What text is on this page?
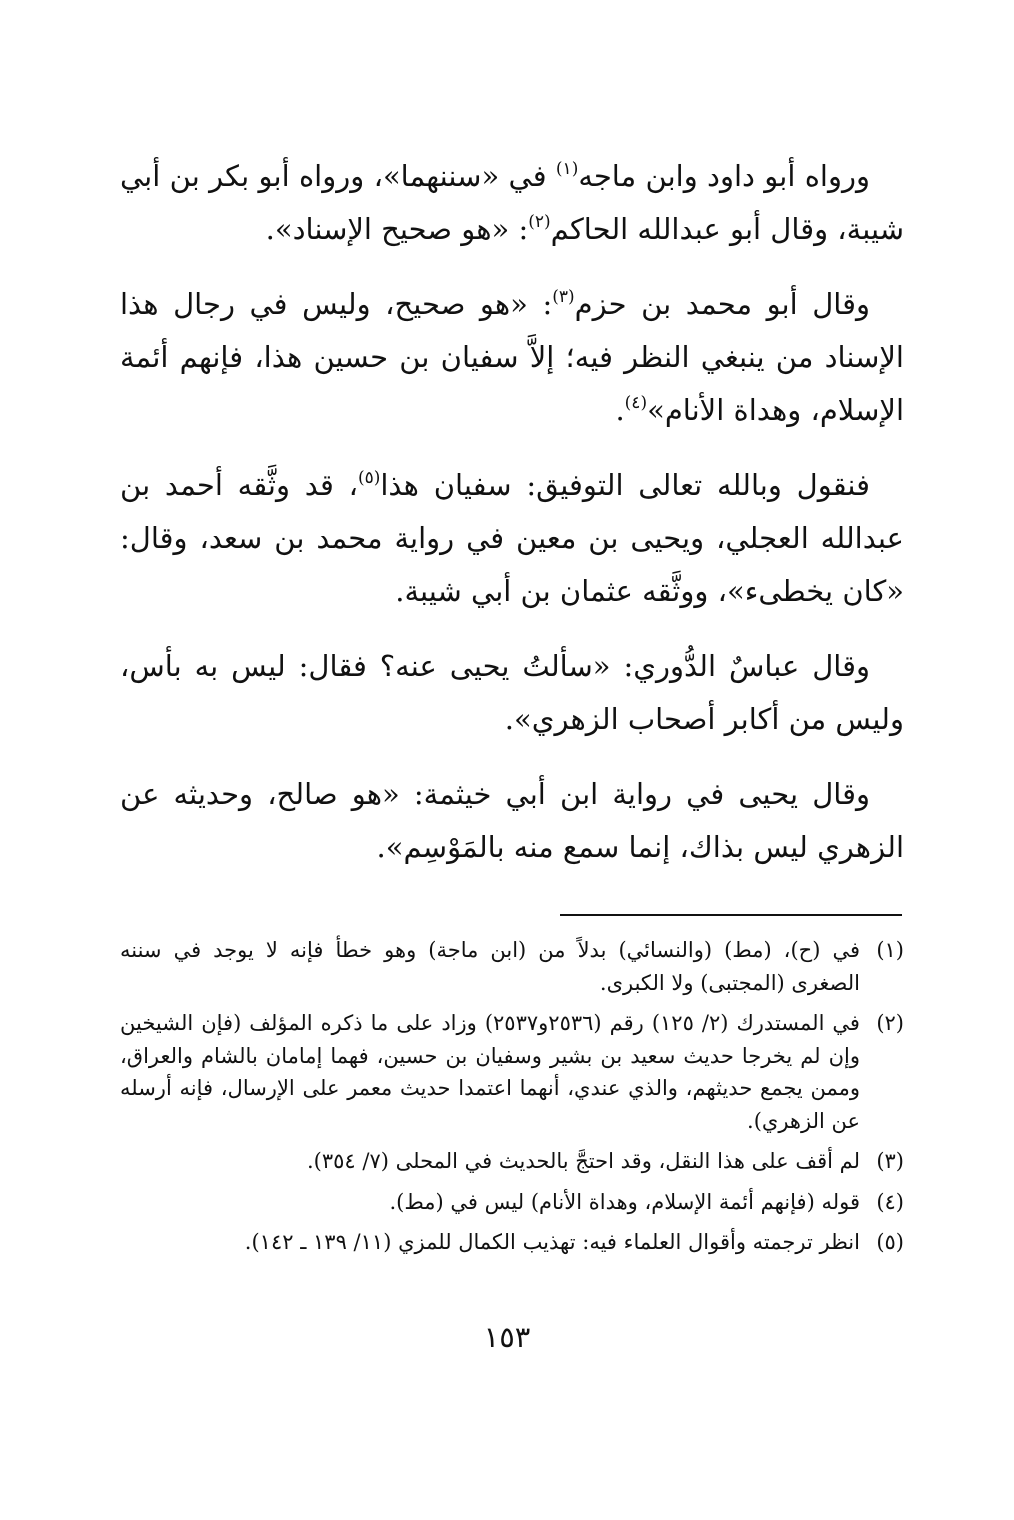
ورواه أبو داود وابن ماجه$^{(١)}$ في «سننهما»، ورواه أبو بكر بن أبي شيبة، وقال أبو عبدالله الحاكم$^{(٢)}$: «هو صحيح الإسناد».

وقال أبو محمد بن حزم$^{(٣)}$: «هو صحيح، وليس في رجال هذا الإسناد من ينبغي النظر فيه؛ إلاَّ سفيان بن حسين هذا، فإنهم أئمة الإسلام، وهداة الأنام»$^{(٤)}$.

فنقول وبالله تعالى التوفيق: سفيان هذا$^{(٥)}$، قد وثَّقه أحمد بن عبدالله العجلي، ويحيى بن معين في رواية محمد بن سعد، وقال: «كان يخطىء»، ووثَّقه عثمان بن أبي شيبة.

وقال عباسٌ الدُّوري: «سألتُ يحيى عنه؟ فقال: ليس به بأس، وليس من أكابر أصحاب الزهري».

وقال يحيى في رواية ابن أبي خيثمة: «هو صالح، وحديثه عن الزهري ليس بذاك، إنما سمع منه بالمَوْسِم».

(١)
في (ح)، (مط) (والنسائي) بدلاً من (ابن ماجة) وهو خطأ فإنه لا يوجد في سننه الصغرى (المجتبى) ولا الكبرى.
(٢)
في المستدرك (٢/ ١٢٥) رقم (٢٥٣٦و٢٥٣٧) وزاد على ما ذكره المؤلف (فإن الشيخين وإن لم يخرجا حديث سعيد بن بشير وسفيان بن حسين، فهما إمامان بالشام والعراق، وممن يجمع حديثهم، والذي عندي، أنهما اعتمدا حديث معمر على الإرسال، فإنه أرسله عن الزهري).
(٣)
لم أقف على هذا النقل، وقد احتجَّ بالحديث في المحلى (٧/ ٣٥٤).
(٤)
قوله (فإنهم أئمة الإسلام، وهداة الأنام) ليس في (مط).
(٥)
انظر ترجمته وأقوال العلماء فيه: تهذيب الكمال للمزي (١١/ ١٣٩ ـ ١٤٢).
١٥٣
